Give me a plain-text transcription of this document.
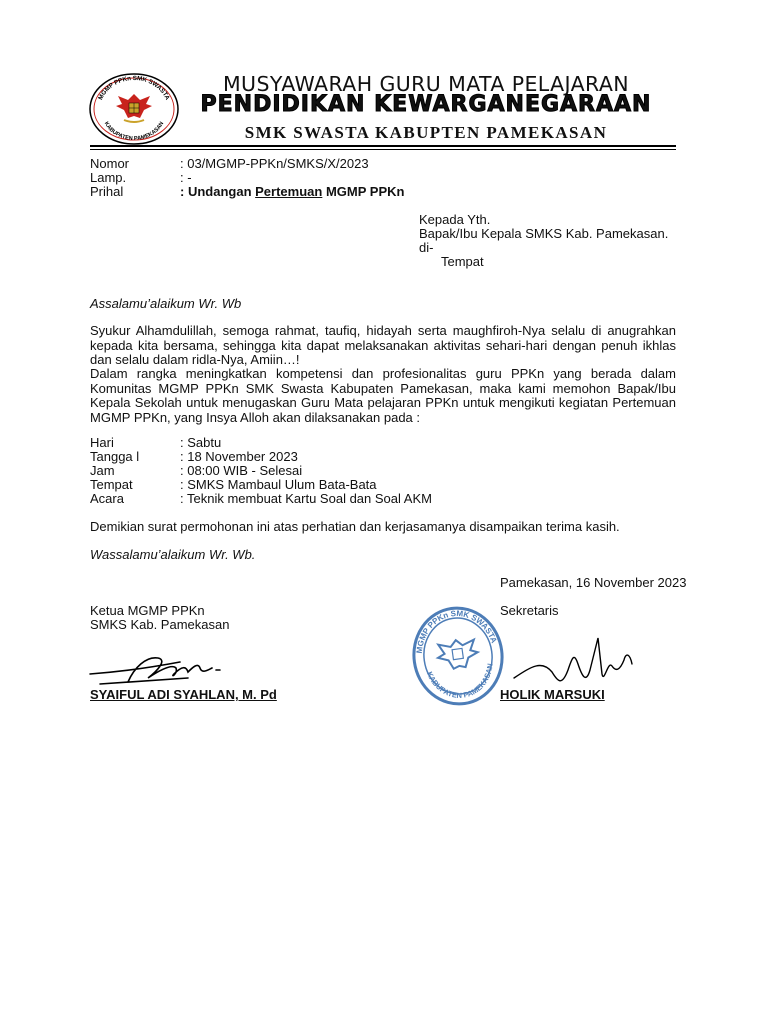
MGMP PPKn SMK SWASTA
KABUPATEN PAMEKASAN
MUSYAWARAH GURU MATA PELAJARAN
PENDIDIKAN KEWARGANEGARAAN
SMK SWASTA KABUPTEN PAMEKASAN
Nomor	: 03/MGMP-PPKn/SMKS/X/2023
Lamp.	: -
Prihal	: Undangan Pertemuan MGMP PPKn
Kepada Yth.
Bapak/Ibu Kepala SMKS Kab. Pamekasan.
di-
Tempat
Assalamu’alaikum Wr. Wb
Syukur Alhamdulillah, semoga rahmat, taufiq, hidayah serta maughfiroh-Nya selalu di anugrahkan kepada kita bersama, sehingga kita dapat melaksanakan aktivitas sehari-hari dengan penuh ikhlas dan selalu dalam ridla-Nya, Amiin…!
Dalam rangka meningkatkan kompetensi dan profesionalitas guru PPKn yang berada dalam Komunitas MGMP PPKn SMK Swasta Kabupaten Pamekasan, maka kami memohon Bapak/Ibu Kepala Sekolah untuk menugaskan Guru Mata pelajaran PPKn untuk mengikuti kegiatan Pertemuan MGMP PPKn, yang Insya Alloh akan dilaksanakan pada :
Hari	: Sabtu
Tangga l	: 18 November 2023
Jam	: 08:00 WIB - Selesai
Tempat	: SMKS Mambaul Ulum Bata-Bata
Acara	: Teknik membuat Kartu Soal dan Soal AKM
Demikian surat permohonan ini atas perhatian dan kerjasamanya disampaikan terima kasih.
Wassalamu’alaikum Wr. Wb.
Pamekasan, 16 November 2023
Ketua MGMP PPKn
SMKS Kab. Pamekasan
Sekretaris
MGMP PPKn SMK SWASTA
KABUPATEN PAMEKASAN
SYAIFUL ADI SYAHLAN, M. Pd	HOLIK MARSUKI
